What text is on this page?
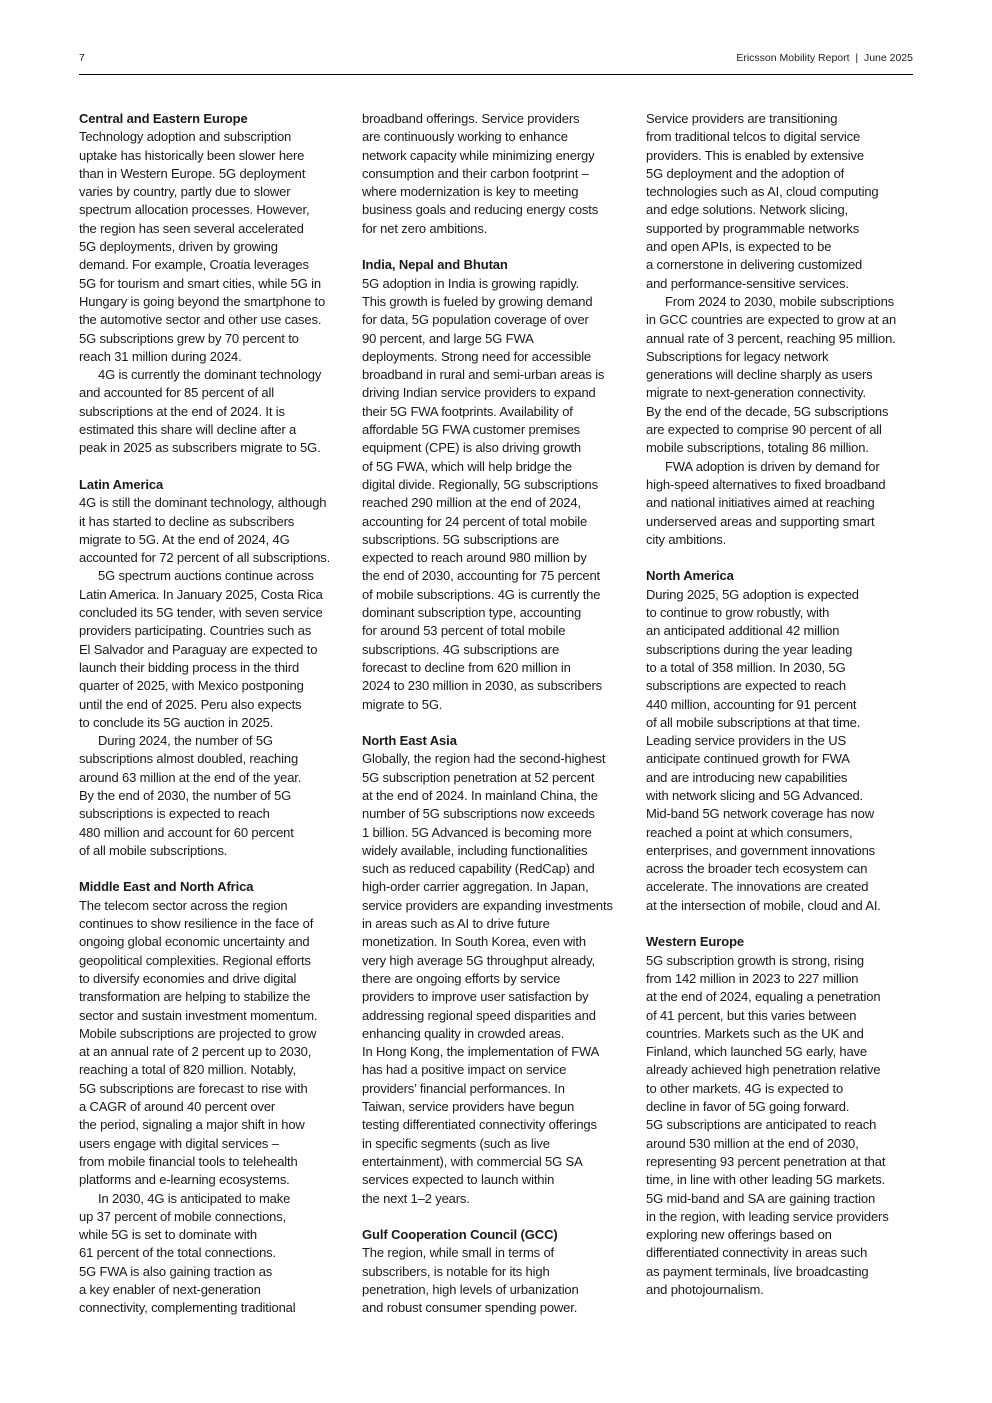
7	Ericsson Mobility Report  |  June 2025
Central and Eastern Europe
Technology adoption and subscription
uptake has historically been slower here
than in Western Europe. 5G deployment
varies by country, partly due to slower
spectrum allocation processes. However,
the region has seen several accelerated
5G deployments, driven by growing
demand. For example, Croatia leverages
5G for tourism and smart cities, while 5G in
Hungary is going beyond the smartphone to
the automotive sector and other use cases.
5G subscriptions grew by 70 percent to
reach 31 million during 2024.
4G is currently the dominant technology
and accounted for 85 percent of all
subscriptions at the end of 2024. It is
estimated this share will decline after a
peak in 2025 as subscribers migrate to 5G.
Latin America
4G is still the dominant technology, although
it has started to decline as subscribers
migrate to 5G. At the end of 2024, 4G
accounted for 72 percent of all subscriptions.
5G spectrum auctions continue across
Latin America. In January 2025, Costa Rica
concluded its 5G tender, with seven service
providers participating. Countries such as
El Salvador and Paraguay are expected to
launch their bidding process in the third
quarter of 2025, with Mexico postponing
until the end of 2025. Peru also expects
to conclude its 5G auction in 2025.
During 2024, the number of 5G
subscriptions almost doubled, reaching
around 63 million at the end of the year.
By the end of 2030, the number of 5G
subscriptions is expected to reach
480 million and account for 60 percent
of all mobile subscriptions.
Middle East and North Africa
The telecom sector across the region
continues to show resilience in the face of
ongoing global economic uncertainty and
geopolitical complexities. Regional efforts
to diversify economies and drive digital
transformation are helping to stabilize the
sector and sustain investment momentum.
Mobile subscriptions are projected to grow
at an annual rate of 2 percent up to 2030,
reaching a total of 820 million. Notably,
5G subscriptions are forecast to rise with
a CAGR of around 40 percent over
the period, signaling a major shift in how
users engage with digital services –
from mobile financial tools to telehealth
platforms and e-learning ecosystems.
In 2030, 4G is anticipated to make
up 37 percent of mobile connections,
while 5G is set to dominate with
61 percent of the total connections.
5G FWA is also gaining traction as
a key enabler of next-generation
connectivity, complementing traditional
broadband offerings. Service providers
are continuously working to enhance
network capacity while minimizing energy
consumption and their carbon footprint –
where modernization is key to meeting
business goals and reducing energy costs
for net zero ambitions.
India, Nepal and Bhutan
5G adoption in India is growing rapidly.
This growth is fueled by growing demand
for data, 5G population coverage of over
90 percent, and large 5G FWA
deployments. Strong need for accessible
broadband in rural and semi-urban areas is
driving Indian service providers to expand
their 5G FWA footprints. Availability of
affordable 5G FWA customer premises
equipment (CPE) is also driving growth
of 5G FWA, which will help bridge the
digital divide. Regionally, 5G subscriptions
reached 290 million at the end of 2024,
accounting for 24 percent of total mobile
subscriptions. 5G subscriptions are
expected to reach around 980 million by
the end of 2030, accounting for 75 percent
of mobile subscriptions. 4G is currently the
dominant subscription type, accounting
for around 53 percent of total mobile
subscriptions. 4G subscriptions are
forecast to decline from 620 million in
2024 to 230 million in 2030, as subscribers
migrate to 5G.
North East Asia
Globally, the region had the second-highest
5G subscription penetration at 52 percent
at the end of 2024. In mainland China, the
number of 5G subscriptions now exceeds
1 billion. 5G Advanced is becoming more
widely available, including functionalities
such as reduced capability (RedCap) and
high-order carrier aggregation. In Japan,
service providers are expanding investments
in areas such as AI to drive future
monetization. In South Korea, even with
very high average 5G throughput already,
there are ongoing efforts by service
providers to improve user satisfaction by
addressing regional speed disparities and
enhancing quality in crowded areas.
In Hong Kong, the implementation of FWA
has had a positive impact on service
providers’ financial performances. In
Taiwan, service providers have begun
testing differentiated connectivity offerings
in specific segments (such as live
entertainment), with commercial 5G SA
services expected to launch within
the next 1–2 years.
Gulf Cooperation Council (GCC)
The region, while small in terms of
subscribers, is notable for its high
penetration, high levels of urbanization
and robust consumer spending power.
Service providers are transitioning
from traditional telcos to digital service
providers. This is enabled by extensive
5G deployment and the adoption of
technologies such as AI, cloud computing
and edge solutions. Network slicing,
supported by programmable networks
and open APIs, is expected to be
a cornerstone in delivering customized
and performance-sensitive services.
From 2024 to 2030, mobile subscriptions
in GCC countries are expected to grow at an
annual rate of 3 percent, reaching 95 million.
Subscriptions for legacy network
generations will decline sharply as users
migrate to next-generation connectivity.
By the end of the decade, 5G subscriptions
are expected to comprise 90 percent of all
mobile subscriptions, totaling 86 million.
FWA adoption is driven by demand for
high-speed alternatives to fixed broadband
and national initiatives aimed at reaching
underserved areas and supporting smart
city ambitions.
North America
During 2025, 5G adoption is expected
to continue to grow robustly, with
an anticipated additional 42 million
subscriptions during the year leading
to a total of 358 million. In 2030, 5G
subscriptions are expected to reach
440 million, accounting for 91 percent
of all mobile subscriptions at that time.
Leading service providers in the US
anticipate continued growth for FWA
and are introducing new capabilities
with network slicing and 5G Advanced.
Mid-band 5G network coverage has now
reached a point at which consumers,
enterprises, and government innovations
across the broader tech ecosystem can
accelerate. The innovations are created
at the intersection of mobile, cloud and AI.
Western Europe
5G subscription growth is strong, rising
from 142 million in 2023 to 227 million
at the end of 2024, equaling a penetration
of 41 percent, but this varies between
countries. Markets such as the UK and
Finland, which launched 5G early, have
already achieved high penetration relative
to other markets. 4G is expected to
decline in favor of 5G going forward.
5G subscriptions are anticipated to reach
around 530 million at the end of 2030,
representing 93 percent penetration at that
time, in line with other leading 5G markets.
5G mid-band and SA are gaining traction
in the region, with leading service providers
exploring new offerings based on
differentiated connectivity in areas such
as payment terminals, live broadcasting
and photojournalism.
